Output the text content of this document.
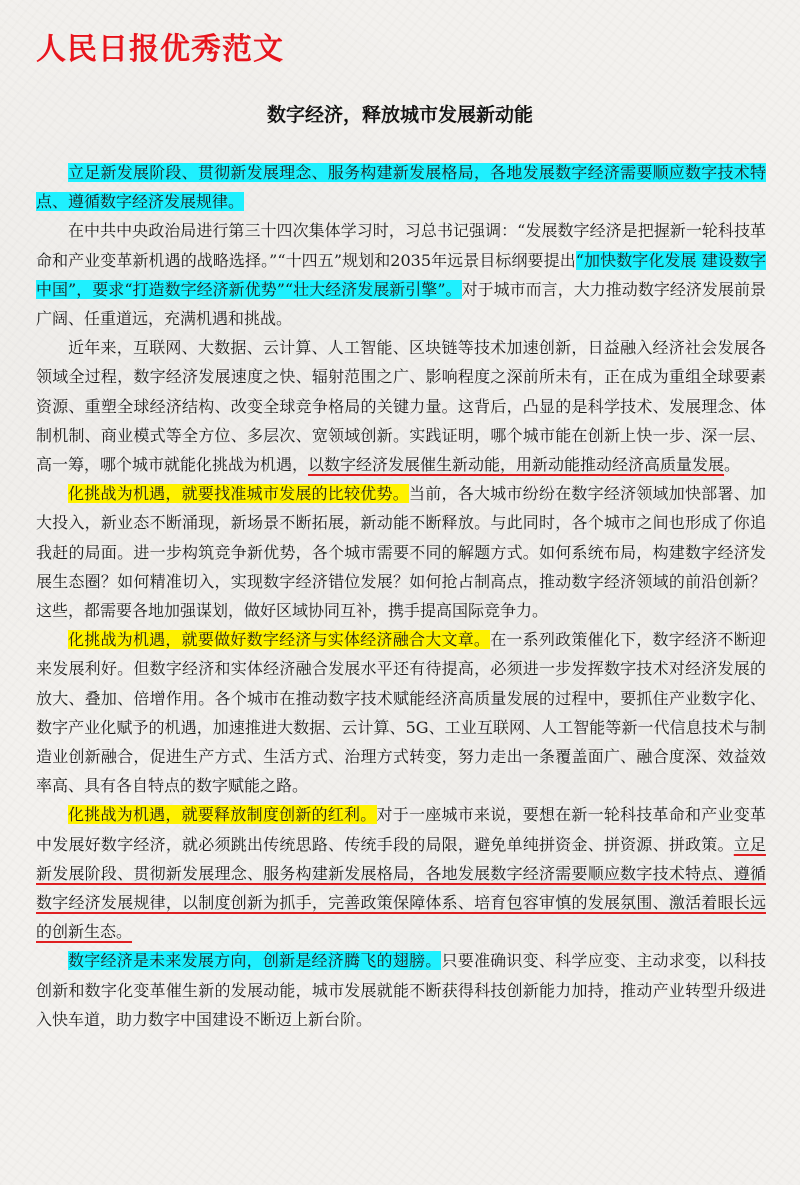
人民日报优秀范文
数字经济，释放城市发展新动能

立足新发展阶段、贯彻新发展理念、服务构建新发展格局，各地发展数字经济需要顺应数字技术特点、遵循数字经济发展规律。

在中共中央政治局进行第三十四次集体学习时，习总书记强调：“发展数字经济是把握新一轮科技革命和产业变革新机遇的战略选择。”“十四五”规划和2035年远景目标纲要提出“加快数字化发展 建设数字中国”，要求“打造数字经济新优势”“壮大经济发展新引擎”。对于城市而言，大力推动数字经济发展前景广阔、任重道远，充满机遇和挑战。

近年来，互联网、大数据、云计算、人工智能、区块链等技术加速创新，日益融入经济社会发展各领域全过程，数字经济发展速度之快、辐射范围之广、影响程度之深前所未有，正在成为重组全球要素资源、重塑全球经济结构、改变全球竞争格局的关键力量。这背后，凸显的是科学技术、发展理念、体制机制、商业模式等全方位、多层次、宽领域创新。实践证明，哪个城市能在创新上快一步、深一层、高一筹，哪个城市就能化挑战为机遇，以数字经济发展催生新动能，用新动能推动经济高质量发展。

化挑战为机遇，就要找准城市发展的比较优势。当前，各大城市纷纷在数字经济领域加快部署、加大投入，新业态不断涌现，新场景不断拓展，新动能不断释放。与此同时，各个城市之间也形成了你追我赶的局面。进一步构筑竞争新优势，各个城市需要不同的解题方式。如何系统布局，构建数字经济发展生态圈？如何精准切入，实现数字经济错位发展？如何抢占制高点，推动数字经济领域的前沿创新？这些，都需要各地加强谋划，做好区域协同互补，携手提高国际竞争力。

化挑战为机遇，就要做好数字经济与实体经济融合大文章。在一系列政策催化下，数字经济不断迎来发展利好。但数字经济和实体经济融合发展水平还有待提高，必须进一步发挥数字技术对经济发展的放大、叠加、倍增作用。各个城市在推动数字技术赋能经济高质量发展的过程中，要抓住产业数字化、数字产业化赋予的机遇，加速推进大数据、云计算、5G、工业互联网、人工智能等新一代信息技术与制造业创新融合，促进生产方式、生活方式、治理方式转变，努力走出一条覆盖面广、融合度深、效益效率高、具有各自特点的数字赋能之路。

化挑战为机遇，就要释放制度创新的红利。对于一座城市来说，要想在新一轮科技革命和产业变革中发展好数字经济，就必须跳出传统思路、传统手段的局限，避免单纯拼资金、拼资源、拼政策。立足新发展阶段、贯彻新发展理念、服务构建新发展格局，各地发展数字经济需要顺应数字技术特点、遵循数字经济发展规律，以制度创新为抓手，完善政策保障体系、培育包容审慎的发展氛围、激活着眼长远的创新生态。

数字经济是未来发展方向，创新是经济腾飞的翅膀。只要准确识变、科学应变、主动求变，以科技创新和数字化变革催生新的发展动能，城市发展就能不断获得科技创新能力加持，推动产业转型升级进入快车道，助力数字中国建设不断迈上新台阶。
